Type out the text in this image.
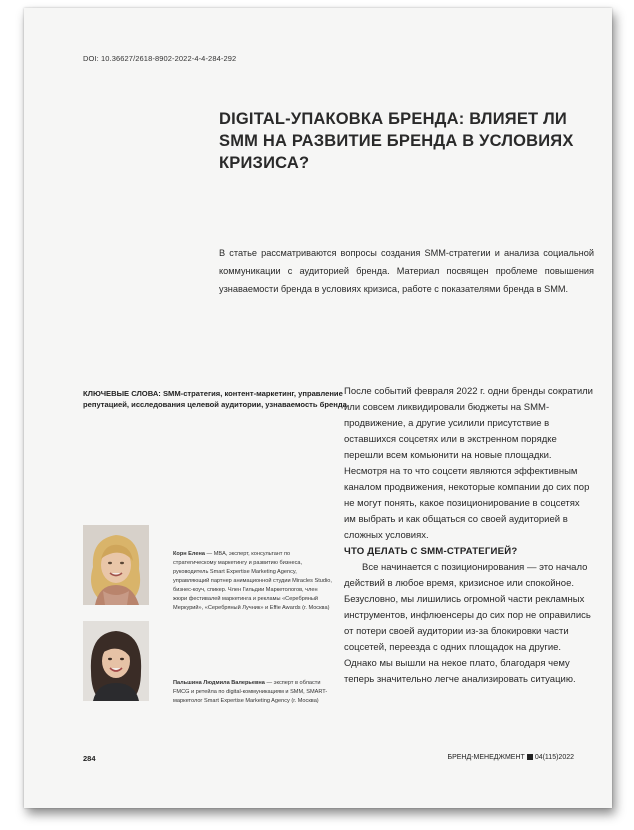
DOI: 10.36627/2618-8902-2022-4-4-284-292
DIGITAL-УПАКОВКА БРЕНДА: ВЛИЯЕТ ЛИ SMM НА РАЗВИТИЕ БРЕНДА В УСЛОВИЯХ КРИЗИСА?
В статье рассматриваются вопросы создания SMM-стратегии и анализа социальной коммуникации с аудиторией бренда. Материал посвящен проблеме повышения узнаваемости бренда в условиях кризиса, работе с показателями бренда в SMM.
КЛЮЧЕВЫЕ СЛОВА: SMM-стратегия, контент-маркетинг, управление репутацией, исследования целевой аудитории, узнаваемость бренда

После событий февраля 2022 г. одни бренды сократили или совсем ликвидировали бюджеты на SMM-продвижение, а другие усилили присутствие в оставшихся соцсетях или в экстренном порядке перешли всем комьюнити на новые площадки. Несмотря на то что соцсети являются эффективным каналом продвижения, некоторые компании до сих пор не могут понять, какое позиционирование в соцсетях им выбрать и как общаться со своей аудиторией в сложных условиях.

ЧТО ДЕЛАТЬ С SMM-СТРАТЕГИЕЙ?

Все начинается с позиционирования — это начало действий в любое время, кризисное или спокойное. Безусловно, мы лишились огромной части рекламных инструментов, инфлюенсеры до сих пор не оправились от потери своей аудитории из-за блокировки части соцсетей, переезда с одних площадок на другие. Однако мы вышли на некое плато, благодаря чему теперь значительно легче анализировать ситуацию.

Корн Елена — MBA, эксперт, консультант по стратегическому маркетингу и развитию бизнеса, руководитель Smart Expertise Marketing Agency, управляющий партнер анимационной студии Miracles Studio, бизнес-коуч, спикер. Член Гильдии Маркетологов, член жюри фестивалей маркетинга и рекламы «Серебряный Меркурий», «Серебряный Лучник» и Effie Awards (г. Москва)
Пальшина Людмила Валерьевна — эксперт в области FMCG и ретейла по digital-коммуникациям и SMM, SMART-маркетолог Smart Expertise Marketing Agency (г. Москва)
284	БРЕНД-МЕНЕДЖМЕНТ 04(115)2022
